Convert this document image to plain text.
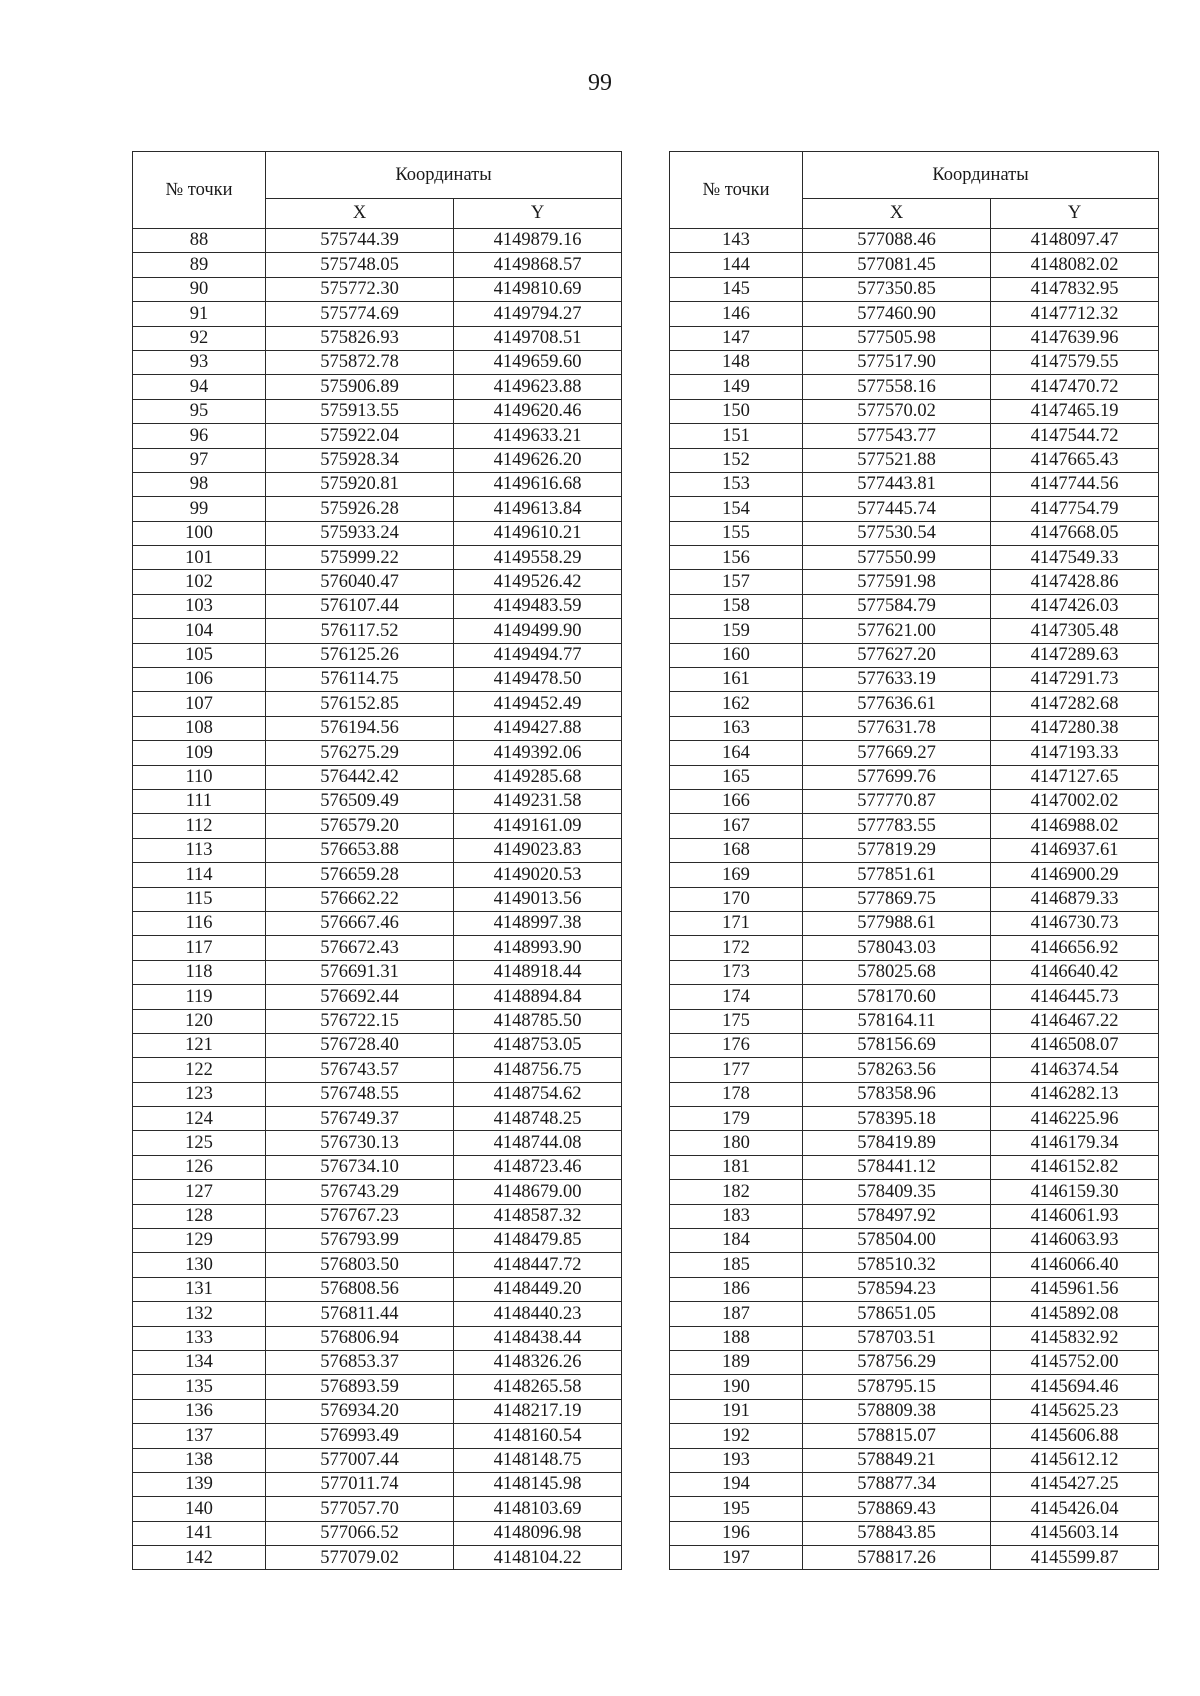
99
№ точки	Координаты	
	X	Y
88	575744.39	4149879.16
89	575748.05	4149868.57
90	575772.30	4149810.69
91	575774.69	4149794.27
92	575826.93	4149708.51
93	575872.78	4149659.60
94	575906.89	4149623.88
95	575913.55	4149620.46
96	575922.04	4149633.21
97	575928.34	4149626.20
98	575920.81	4149616.68
99	575926.28	4149613.84
100	575933.24	4149610.21
101	575999.22	4149558.29
102	576040.47	4149526.42
103	576107.44	4149483.59
104	576117.52	4149499.90
105	576125.26	4149494.77
106	576114.75	4149478.50
107	576152.85	4149452.49
108	576194.56	4149427.88
109	576275.29	4149392.06
110	576442.42	4149285.68
111	576509.49	4149231.58
112	576579.20	4149161.09
113	576653.88	4149023.83
114	576659.28	4149020.53
115	576662.22	4149013.56
116	576667.46	4148997.38
117	576672.43	4148993.90
118	576691.31	4148918.44
119	576692.44	4148894.84
120	576722.15	4148785.50
121	576728.40	4148753.05
122	576743.57	4148756.75
123	576748.55	4148754.62
124	576749.37	4148748.25
125	576730.13	4148744.08
126	576734.10	4148723.46
127	576743.29	4148679.00
128	576767.23	4148587.32
129	576793.99	4148479.85
130	576803.50	4148447.72
131	576808.56	4148449.20
132	576811.44	4148440.23
133	576806.94	4148438.44
134	576853.37	4148326.26
135	576893.59	4148265.58
136	576934.20	4148217.19
137	576993.49	4148160.54
138	577007.44	4148148.75
139	577011.74	4148145.98
140	577057.70	4148103.69
141	577066.52	4148096.98
142	577079.02	4148104.22
№ точки	Координаты	
	X	Y
143	577088.46	4148097.47
144	577081.45	4148082.02
145	577350.85	4147832.95
146	577460.90	4147712.32
147	577505.98	4147639.96
148	577517.90	4147579.55
149	577558.16	4147470.72
150	577570.02	4147465.19
151	577543.77	4147544.72
152	577521.88	4147665.43
153	577443.81	4147744.56
154	577445.74	4147754.79
155	577530.54	4147668.05
156	577550.99	4147549.33
157	577591.98	4147428.86
158	577584.79	4147426.03
159	577621.00	4147305.48
160	577627.20	4147289.63
161	577633.19	4147291.73
162	577636.61	4147282.68
163	577631.78	4147280.38
164	577669.27	4147193.33
165	577699.76	4147127.65
166	577770.87	4147002.02
167	577783.55	4146988.02
168	577819.29	4146937.61
169	577851.61	4146900.29
170	577869.75	4146879.33
171	577988.61	4146730.73
172	578043.03	4146656.92
173	578025.68	4146640.42
174	578170.60	4146445.73
175	578164.11	4146467.22
176	578156.69	4146508.07
177	578263.56	4146374.54
178	578358.96	4146282.13
179	578395.18	4146225.96
180	578419.89	4146179.34
181	578441.12	4146152.82
182	578409.35	4146159.30
183	578497.92	4146061.93
184	578504.00	4146063.93
185	578510.32	4146066.40
186	578594.23	4145961.56
187	578651.05	4145892.08
188	578703.51	4145832.92
189	578756.29	4145752.00
190	578795.15	4145694.46
191	578809.38	4145625.23
192	578815.07	4145606.88
193	578849.21	4145612.12
194	578877.34	4145427.25
195	578869.43	4145426.04
196	578843.85	4145603.14
197	578817.26	4145599.87
